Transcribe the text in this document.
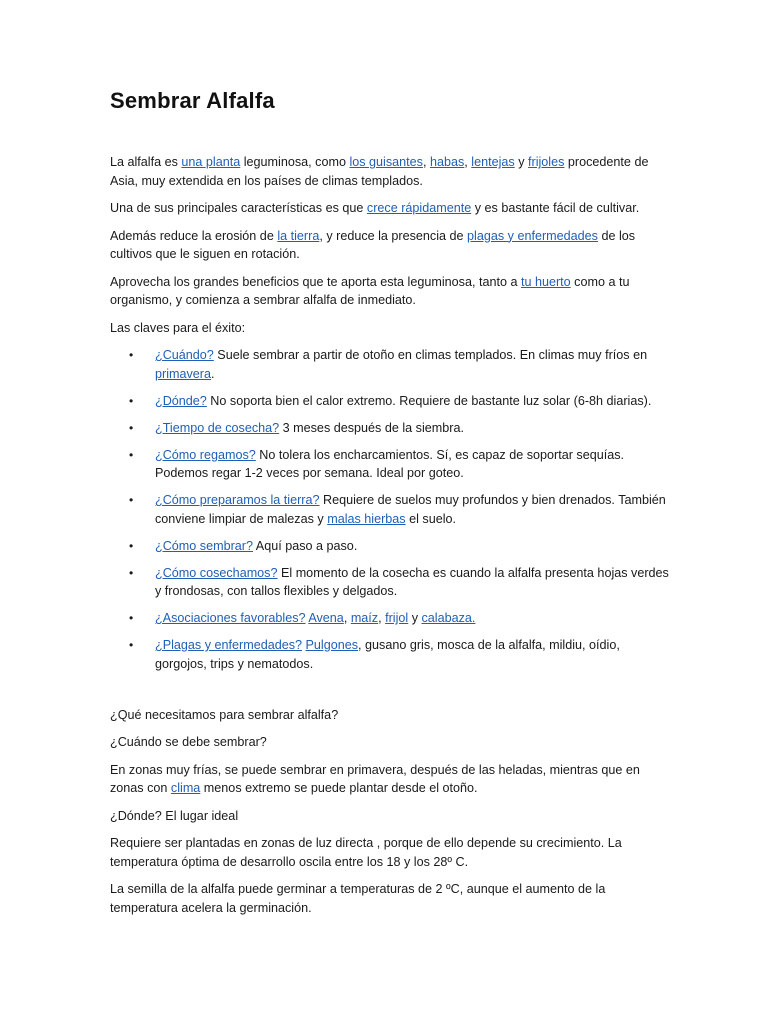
Sembrar Alfalfa

La alfalfa es una planta leguminosa, como los guisantes, habas, lentejas y frijoles procedente de Asia, muy extendida en los países de climas templados.

Una de sus principales características es que crece rápidamente y es bastante fácil de cultivar.

Además reduce la erosión de la tierra, y reduce la presencia de plagas y enfermedades de los cultivos que le siguen en rotación.

Aprovecha los grandes beneficios que te aporta esta leguminosa, tanto a tu huerto como a tu organismo, y comienza a sembrar alfalfa de inmediato.

Las claves para el éxito:

• ¿Cuándo? Suele sembrar a partir de otoño en climas templados. En climas muy fríos en primavera.
• ¿Dónde? No soporta bien el calor extremo. Requiere de bastante luz solar (6-8h diarias).
• ¿Tiempo de cosecha? 3 meses después de la siembra.
• ¿Cómo regamos? No tolera los encharcamientos. Sí, es capaz de soportar sequías. Podemos regar 1-2 veces por semana. Ideal por goteo.
• ¿Cómo preparamos la tierra? Requiere de suelos muy profundos y bien drenados. También conviene limpiar de malezas y malas hierbas el suelo.
• ¿Cómo sembrar? Aquí paso a paso.
• ¿Cómo cosechamos? El momento de la cosecha es cuando la alfalfa presenta hojas verdes y frondosas, con tallos flexibles y delgados.
• ¿Asociaciones favorables? Avena, maíz, frijol y calabaza.
• ¿Plagas y enfermedades? Pulgones, gusano gris, mosca de la alfalfa, mildiu, oídio, gorgojos, trips y nematodos.

¿Qué necesitamos para sembrar alfalfa?

¿Cuándo se debe sembrar?

En zonas muy frías, se puede sembrar en primavera, después de las heladas, mientras que en zonas con clima menos extremo se puede plantar desde el otoño.

¿Dónde? El lugar ideal

Requiere ser plantadas en zonas de luz directa , porque de ello depende su crecimiento. La temperatura óptima de desarrollo oscila entre los 18 y los 28º C.

La semilla de la alfalfa puede germinar a temperaturas de 2 ºC, aunque el aumento de la temperatura acelera la germinación.
